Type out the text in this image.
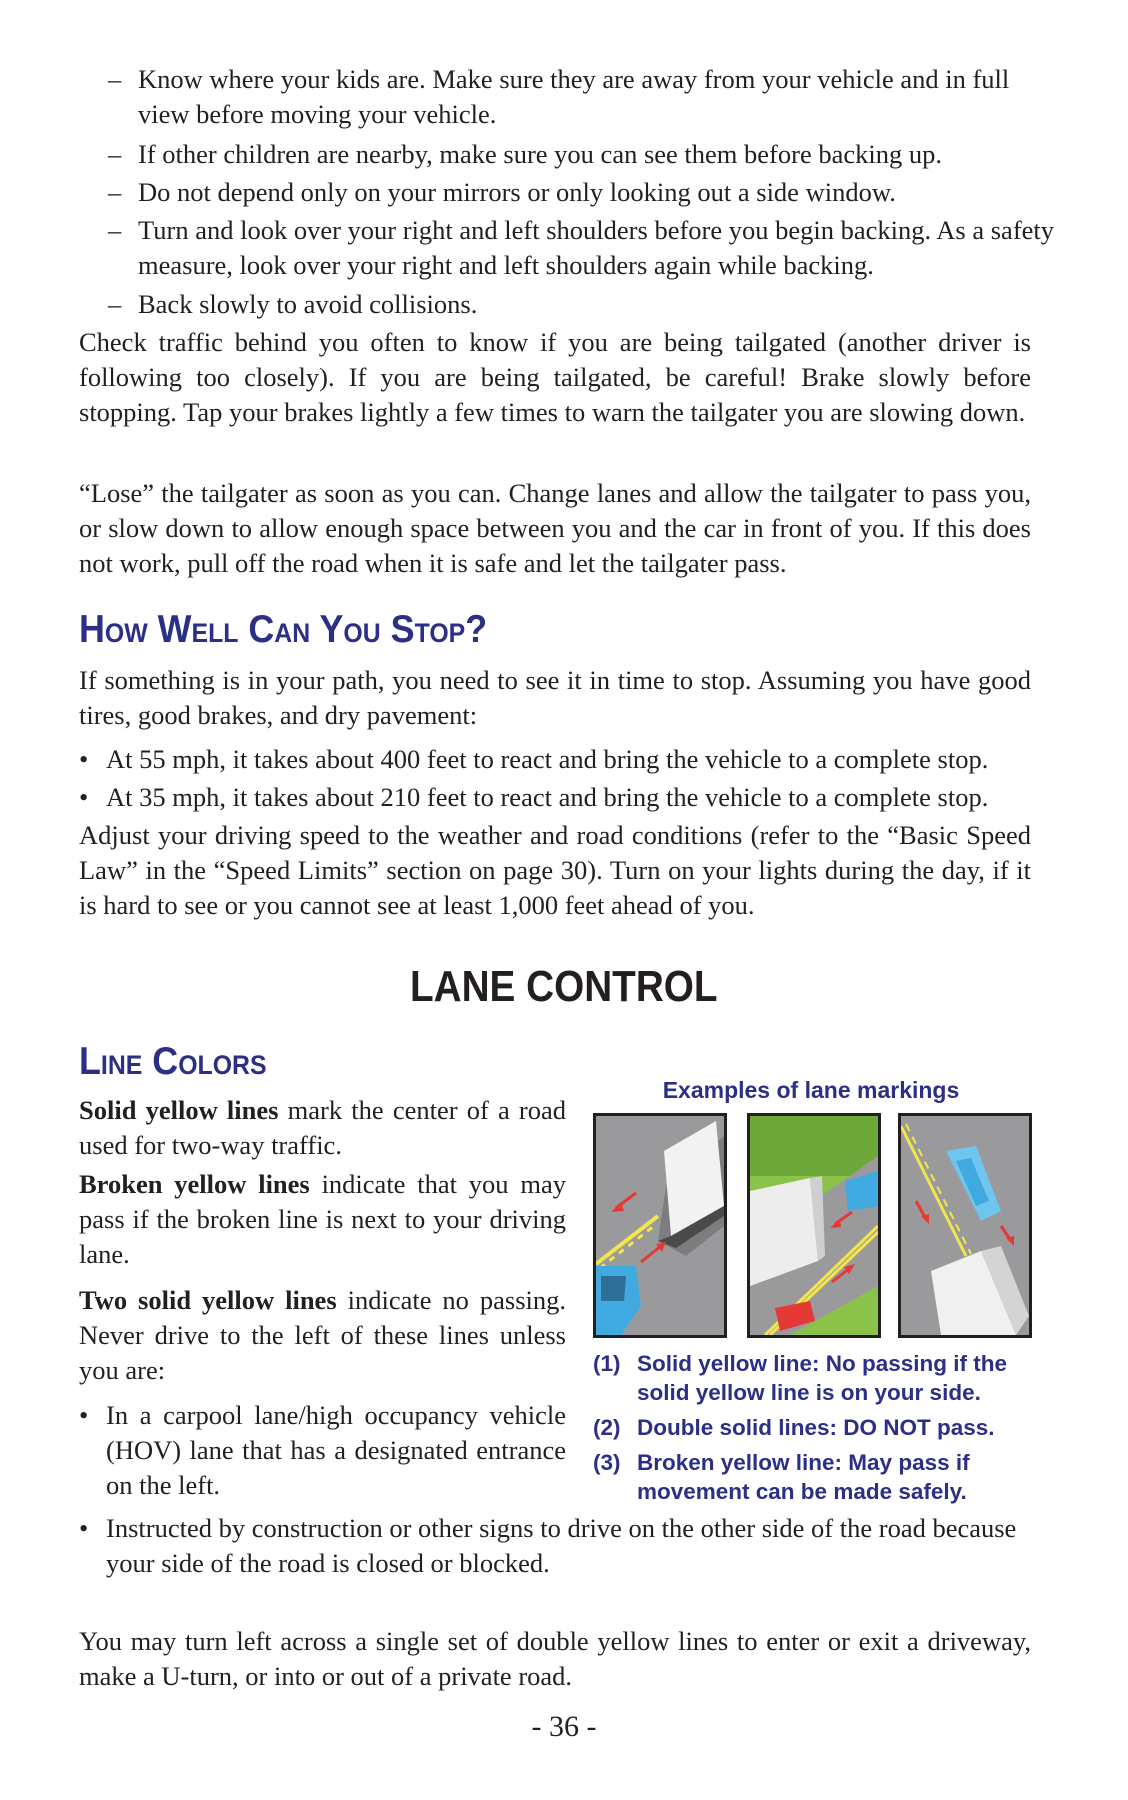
– Know where your kids are. Make sure they are away from your vehicle and in full view before moving your vehicle.
– If other children are nearby, make sure you can see them before backing up.
– Do not depend only on your mirrors or only looking out a side window.
– Turn and look over your right and left shoulders before you begin backing. As a safety measure, look over your right and left shoulders again while backing.
– Back slowly to avoid collisions.
Check traffic behind you often to know if you are being tailgated (another driver is following too closely). If you are being tailgated, be careful! Brake slowly before stopping. Tap your brakes lightly a few times to warn the tailgater you are slowing down.
“Lose” the tailgater as soon as you can. Change lanes and allow the tailgater to pass you, or slow down to allow enough space between you and the car in front of you. If this does not work, pull off the road when it is safe and let the tailgater pass.
How Well Can You Stop?
If something is in your path, you need to see it in time to stop. Assuming you have good tires, good brakes, and dry pavement:
• At 55 mph, it takes about 400 feet to react and bring the vehicle to a complete stop.
• At 35 mph, it takes about 210 feet to react and bring the vehicle to a complete stop.
Adjust your driving speed to the weather and road conditions (refer to the “Basic Speed Law” in the “Speed Limits” section on page 30). Turn on your lights during the day, if it is hard to see or you cannot see at least 1,000 feet ahead of you.
LANE CONTROL
Line Colors
Solid yellow lines mark the center of a road used for two-way traffic.
Broken yellow lines indicate that you may pass if the broken line is next to your driving lane.
Two solid yellow lines indicate no passing. Never drive to the left of these lines unless you are:
• In a carpool lane/high occupancy vehicle (HOV) lane that has a designated entrance on the left.
• Instructed by construction or other signs to drive on the other side of the road because your side of the road is closed or blocked.
You may turn left across a single set of double yellow lines to enter or exit a driveway, make a U-turn, or into or out of a private road.
Examples of lane markings
(1) Solid yellow line: No passing if the solid yellow line is on your side.
(2) Double solid lines: DO NOT pass.
(3) Broken yellow line: May pass if movement can be made safely.
- 36 -
